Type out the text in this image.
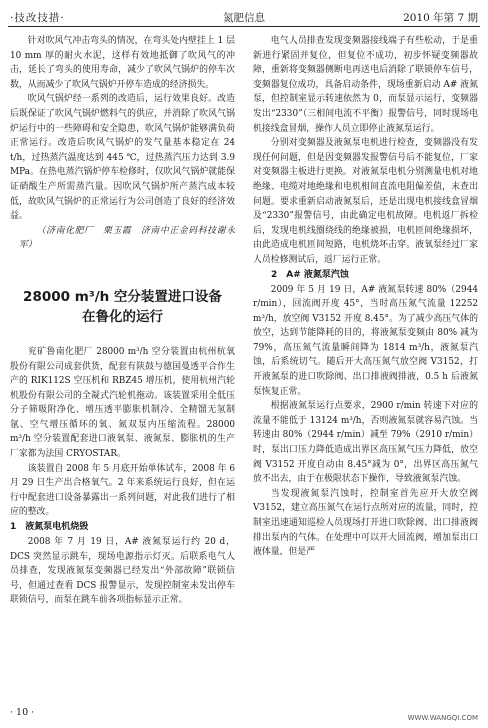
·技改技措·	氮肥信息	2010 年第 7 期

针对吹风气冲击弯头的情况，在弯头处内壁挂上 1 层 10 mm 厚的耐火水泥，这样有效地抵御了吹风气的冲击，延长了弯头的使用寿命，减少了吹风气锅炉的停车次数，从而减少了吹风气锅炉开停车造成的经济损失。

吹风气锅炉经一系列的改造后，运行效果良好。改造后既保证了吹风气锅炉燃料气的供应，并消除了吹风气锅炉运行中的一些障碍和安全隐患，吹风气锅炉能够满负荷正常运行。改造后吹风气锅炉的发气量基本稳定在 24 t/h，过热蒸汽温度达到 445 ℃，过热蒸汽压力达到 3.9 MPa。在热电蒸汽锅炉停车检修时，仅吹风气锅炉就能保证硝酸生产所需蒸汽量。因吹风气锅炉所产蒸汽成本较低，故吹风气锅炉的正常运行为公司创造了良好的经济效益。

（济南化肥厂　栗玉霞　济南中正金码科技谢永军）

28000 m³/h 空分装置进口设备
在鲁化的运行

兖矿鲁南化肥厂 28000 m³/h 空分装置由杭州杭氧股份有限公司成套供货，配套有陕鼓与德国曼透平合作生产的 RIK112S 空压机和 RBZ45 增压机，使用杭州汽轮机股份有限公司的全凝式汽轮机拖动。该装置采用全低压分子筛吸附净化、增压透平膨胀机制冷、全精馏无氢制氩、空气增压循环的氧、氮双泵内压缩流程。28000 m³/h 空分装置配套进口液氧泵、液氮泵、膨胀机的生产厂家都为法国 CRYOSTAR。

该装置自 2008 年 5 月底开始单体试车，2008 年 6 月 29 日生产出合格氧气。2 年来系统运行良好，但在运行中配套进口设备暴露出一系列问题，对此我们进行了相应的整改。

1　液氮泵电机烧毁

2008 年 7 月 19 日，A# 液氮泵运行约 20 d，DCS 突然显示跳车，现场电源指示灯灭。后联系电气人员排查，发现液氮泵变频器已经发出“外部故障”联锁信号，但通过查看 DCS 报警显示，发现控制室未发出停车联锁信号，而泵在跳车前各项指标显示正常。

电气人员排查发现变频器接线端子有些松动，于是重新进行紧固并复位，但复位不成功，初步怀疑变频器故障，重新将变频器侧断电再送电后消除了联锁停车信号，变频器复位成功，具备启动条件，现场重新启动 A# 液氮泵，但控制室显示转速依然为 0，而泵显示运行，变频器发出“2330”（三相间电流不平衡）报警信号，同时现场电机接线盒冒烟，操作人员立即停止液氮泵运行。

分别对变频器及液氮泵电机进行检查，变频器没有发现任何问题，但是因变频器发报警信号后不能复位，厂家对变频器主板进行更换。对液氮泵电机分别测量电机对地绝缘、电缆对地绝缘和电机相间直流电阻偏差值，未查出问题。要求重新启动液氮泵后，还是出现电机接线盒冒烟及“2330”报警信号，由此确定电机故障。电机返厂拆检后，发现电机线圈绕线的绝缘被损，电机匝间绝缘损坏，由此造成电机匝间短路，电机烧坏击穿。液氧泵经过厂家人员检修测试后，返厂运行正常。

2　A# 液氮泵汽蚀

2009 年 5 月 19 日，A# 液氮泵转速 80%（2944 r/min），回流阀开度 45°，当时高压氮气流量 12252 m³/h，放空阀 V3152 开度 8.45°。为了减少高压气体的放空，达到节能降耗的目的，将液氮泵变频由 80% 减为 79%，高压氮气流量瞬间降为 1814 m³/h，液氮泵汽蚀，后系统切气。随后开大高压氮气放空阀 V3152，打开液氮泵的进口吹除阀、出口排液阀排液，0.5 h 后液氮泵恢复正常。

根据液氮泵运行点要求，2900 r/min 转速下对应的流量不能低于 13124 m³/h，否则液氮泵就容易汽蚀。当转速由 80%（2944 r/min）减至 79%（2910 r/min）时，泵出口压力降低造成出界区高压氮气压力降低，放空阀 V3152 开度自动由 8.45°减为 0°，出界区高压氮气放不出去，由于在极限状态下操作，导致液氮泵汽蚀。

当发现液氮泵汽蚀时，控制室首先应开大放空阀 V3152，建立高压氮气在运行点所对应的流量，同时，控制室迅速通知巡检人员现场打开进口吹除阀、出口排液阀排出泵内的气体。在处理中可以开大回流阀，增加泵出口液体量，但是严

· 10 ·	WWW.WANGQI.COM
